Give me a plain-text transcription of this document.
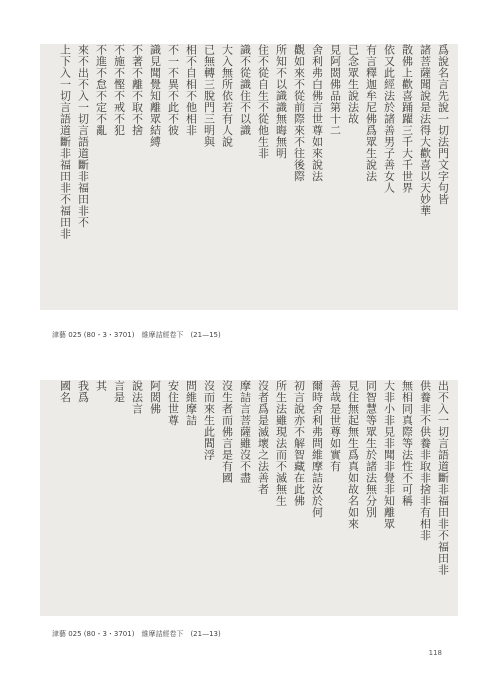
爲說名言先說一切法門文字句皆
諸菩薩聞說是法得大歡喜以天妙華
散佛上歡喜踊躍三千大千世界
依又此經法於諸善男子善女人
有言釋迦牟尼佛爲眾生說法
已念眾生說法故
見阿閦佛品第十二
舍利弗白佛言世尊如來說法
觀如來不從前際來不往後際
所知不以識識無晦無明
住不從自生不從他生非
識不從識住不以識
大入無所依若有人說
已無轉三脫門三明與
相不自相不他相非
不一不異不此不彼
識見聞覺知離眾結縛
不著不離不取不捨
不施不慳不戒不犯
不進不怠不定不亂
來不出不入一切言語道斷非福田非不
上下入一切言語道斷非福田非不福田非
津藝 025 (80・3・3701)　維摩詰經卷下　(21—15)
出不入一切言語道斷非福田非不福田非
供養非不供養非取非捨非有相非
無相同真際等法性不可稱
大非小非見非聞非覺非知離眾
同智慧等眾生於諸法無分別
見住無起無生爲真如故名如來
善哉是世尊如實有
爾時舍利弗問維摩詰汝於何
初言說亦不解智藏在此佛
所生法雖現法而不滅無生
沒者爲是滅壞之法善者
摩詰言菩薩雖沒不盡
沒生者而佛言是有國
沒而來生此閻浮
問維摩詰
安住世尊
阿閦佛
說法言
言是
其
我爲
國名
津藝 025 (80・3・3701)　維摩詰經卷下　(21—13)
118
